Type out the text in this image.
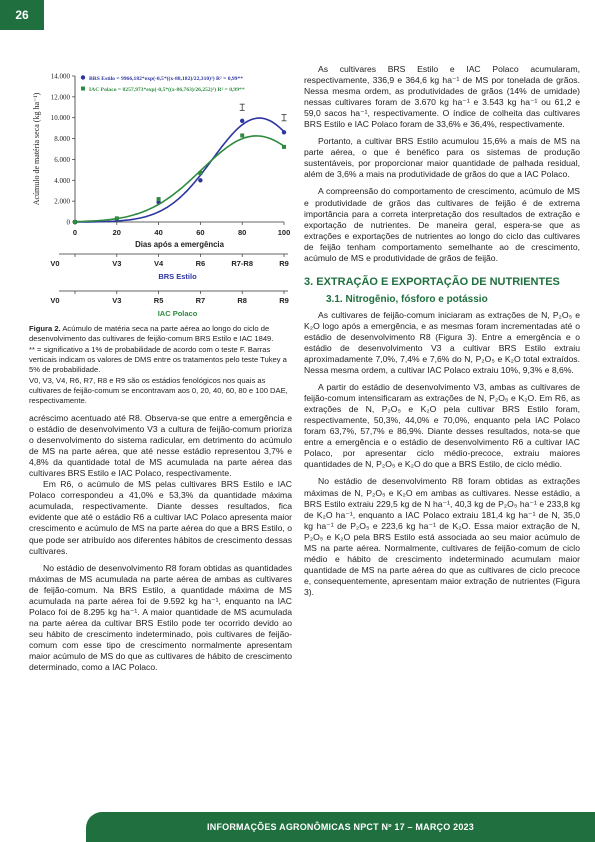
26
0
2.000
4.000
6.000
8.000
10.000
12.000
14.000
0	20	40	60	80	100
Dias após a emergência
Acúmulo de matéria seca (kg ha⁻¹)
BRS Estilo = 9966,182*exp(-0,5*((x-88,182)/22,310)²) R² = 0,99**
IAC Polaco = 8257,973*exp(-0,5*((x-86,763)/26,252)²) R² = 0,99**
V0	V3	V4	R6	R7-R8	R9
BRS Estilo
V0	V3	R5	R7	R8	R9
IAC Polaco
Figura 2. Acúmulo de matéria seca na parte aérea ao longo do ciclo de desenvolvimento das cultivares de feijão-comum BRS Estilo e IAC 1849.
** = significativo a 1% de probabilidade de acordo com o teste F. Barras verticais indicam os valores de DMS entre os tratamentos pelo teste Tukey a 5% de probabilidade.
V0, V3, V4, R6, R7, R8 e R9 são os estádios fenológicos nos quais as cultivares de feijão-comum se encontravam aos 0, 20, 40, 60, 80 e 100 DAE, respectivamente.

acréscimo acentuado até R8. Observa-se que entre a emergência e o estádio de desenvolvimento V3 a cultura de feijão-comum prioriza o desenvolvimento do sistema radicular, em detrimento do acúmulo de MS na parte aérea, que até nesse estádio representou 3,7% e 4,8% da quantidade total de MS acumulada na parte aérea das cultivares BRS Estilo e IAC Polaco, respectivamente.

Em R6, o acúmulo de MS pelas cultivares BRS Estilo e IAC Polaco correspondeu a 41,0% e 53,3% da quantidade máxima acumulada, respectivamente. Diante desses resultados, fica evidente que até o estádio R6 a cultivar IAC Polaco apresenta maior crescimento e acúmulo de MS na parte aérea do que a BRS Estilo, o que pode ser atribuído aos diferentes hábitos de crescimento dessas cultivares.

No estádio de desenvolvimento R8 foram obtidas as quantidades máximas de MS acumulada na parte aérea de ambas as cultivares de feijão-comum. Na BRS Estilo, a quantidade máxima de MS acumulada na parte aérea foi de 9.592 kg ha⁻¹, enquanto na IAC Polaco foi de 8.295 kg ha⁻¹. A maior quantidade de MS acumulada na parte aérea da cultivar BRS Estilo pode ter ocorrido devido ao seu hábito de crescimento indeterminado, pois cultivares de feijão-comum com esse tipo de crescimento normalmente apresentam maior acúmulo de MS do que as cultivares de hábito de crescimento determinado, como a IAC Polaco.

As cultivares BRS Estilo e IAC Polaco acumularam, respectivamente, 336,9 e 364,6 kg ha⁻¹ de MS por tonelada de grãos. Nessa mesma ordem, as produtividades de grãos (14% de umidade) nessas cultivares foram de 3.670 kg ha⁻¹ e 3.543 kg ha⁻¹ ou 61,2 e 59,0 sacos ha⁻¹, respectivamente. O índice de colheita das cultivares BRS Estilo e IAC Polaco foram de 33,6% e 36,4%, respectivamente.

Portanto, a cultivar BRS Estilo acumulou 15,6% a mais de MS na parte aérea, o que é benéfico para os sistemas de produção sustentáveis, por proporcionar maior quantidade de palhada residual, além de 3,6% a mais na produtividade de grãos do que a IAC Polaco.

A compreensão do comportamento de crescimento, acúmulo de MS e produtividade de grãos das cultivares de feijão é de extrema importância para a correta interpretação dos resultados de extração e exportação de nutrientes. De maneira geral, espera-se que as extrações e exportações de nutrientes ao longo do ciclo das cultivares de feijão tenham comportamento semelhante ao de crescimento, acúmulo de MS e produtividade de grãos de feijão.

3. EXTRAÇÃO E EXPORTAÇÃO DE NUTRIENTES
3.1. Nitrogênio, fósforo e potássio

As cultivares de feijão-comum iniciaram as extrações de N, P₂O₅ e K₂O logo após a emergência, e as mesmas foram incrementadas até o estádio de desenvolvimento R8 (Figura 3). Entre a emergência e o estádio de desenvolvimento V3 a cultivar BRS Estilo extraiu aproximadamente 7,0%, 7,4% e 7,6% do N, P₂O₅ e K₂O total extraídos. Nessa mesma ordem, a cultivar IAC Polaco extraiu 10%, 9,3% e 8,6%.

A partir do estádio de desenvolvimento V3, ambas as cultivares de feijão-comum intensificaram as extrações de N, P₂O₅ e K₂O. Em R6, as extrações de N, P₂O₅ e K₂O pela cultivar BRS Estilo foram, respectivamente, 50,3%, 44,0% e 70,0%, enquanto pela IAC Polaco foram 63,7%, 57,7% e 86,9%. Diante desses resultados, nota-se que entre a emergência e o estádio de desenvolvimento R6 a cultivar IAC Polaco, por apresentar ciclo médio-precoce, extraiu maiores quantidades de N, P₂O₅ e K₂O do que a BRS Estilo, de ciclo médio.

No estádio de desenvolvimento R8 foram obtidas as extrações máximas de N, P₂O₅ e K₂O em ambas as cultivares. Nesse estádio, a BRS Estilo extraiu 229,5 kg de N ha⁻¹, 40,3 kg de P₂O₅ ha⁻¹ e 233,8 kg de K₂O ha⁻¹, enquanto a IAC Polaco extraiu 181,4 kg ha⁻¹ de N, 35,0 kg ha⁻¹ de P₂O₅ e 223,6 kg ha⁻¹ de K₂O. Essa maior extração de N, P₂O₅ e K₂O pela BRS Estilo está associada ao seu maior acúmulo de MS na parte aérea. Normalmente, cultivares de feijão-comum de ciclo médio e hábito de crescimento indeterminado acumulam maior quantidade de MS na parte aérea do que as cultivares de ciclo precoce e, consequentemente, apresentam maior extração de nutrientes (Figura 3).

INFORMAÇÕES AGRONÔMICAS NPCT Nº 17 – MARÇO 2023
